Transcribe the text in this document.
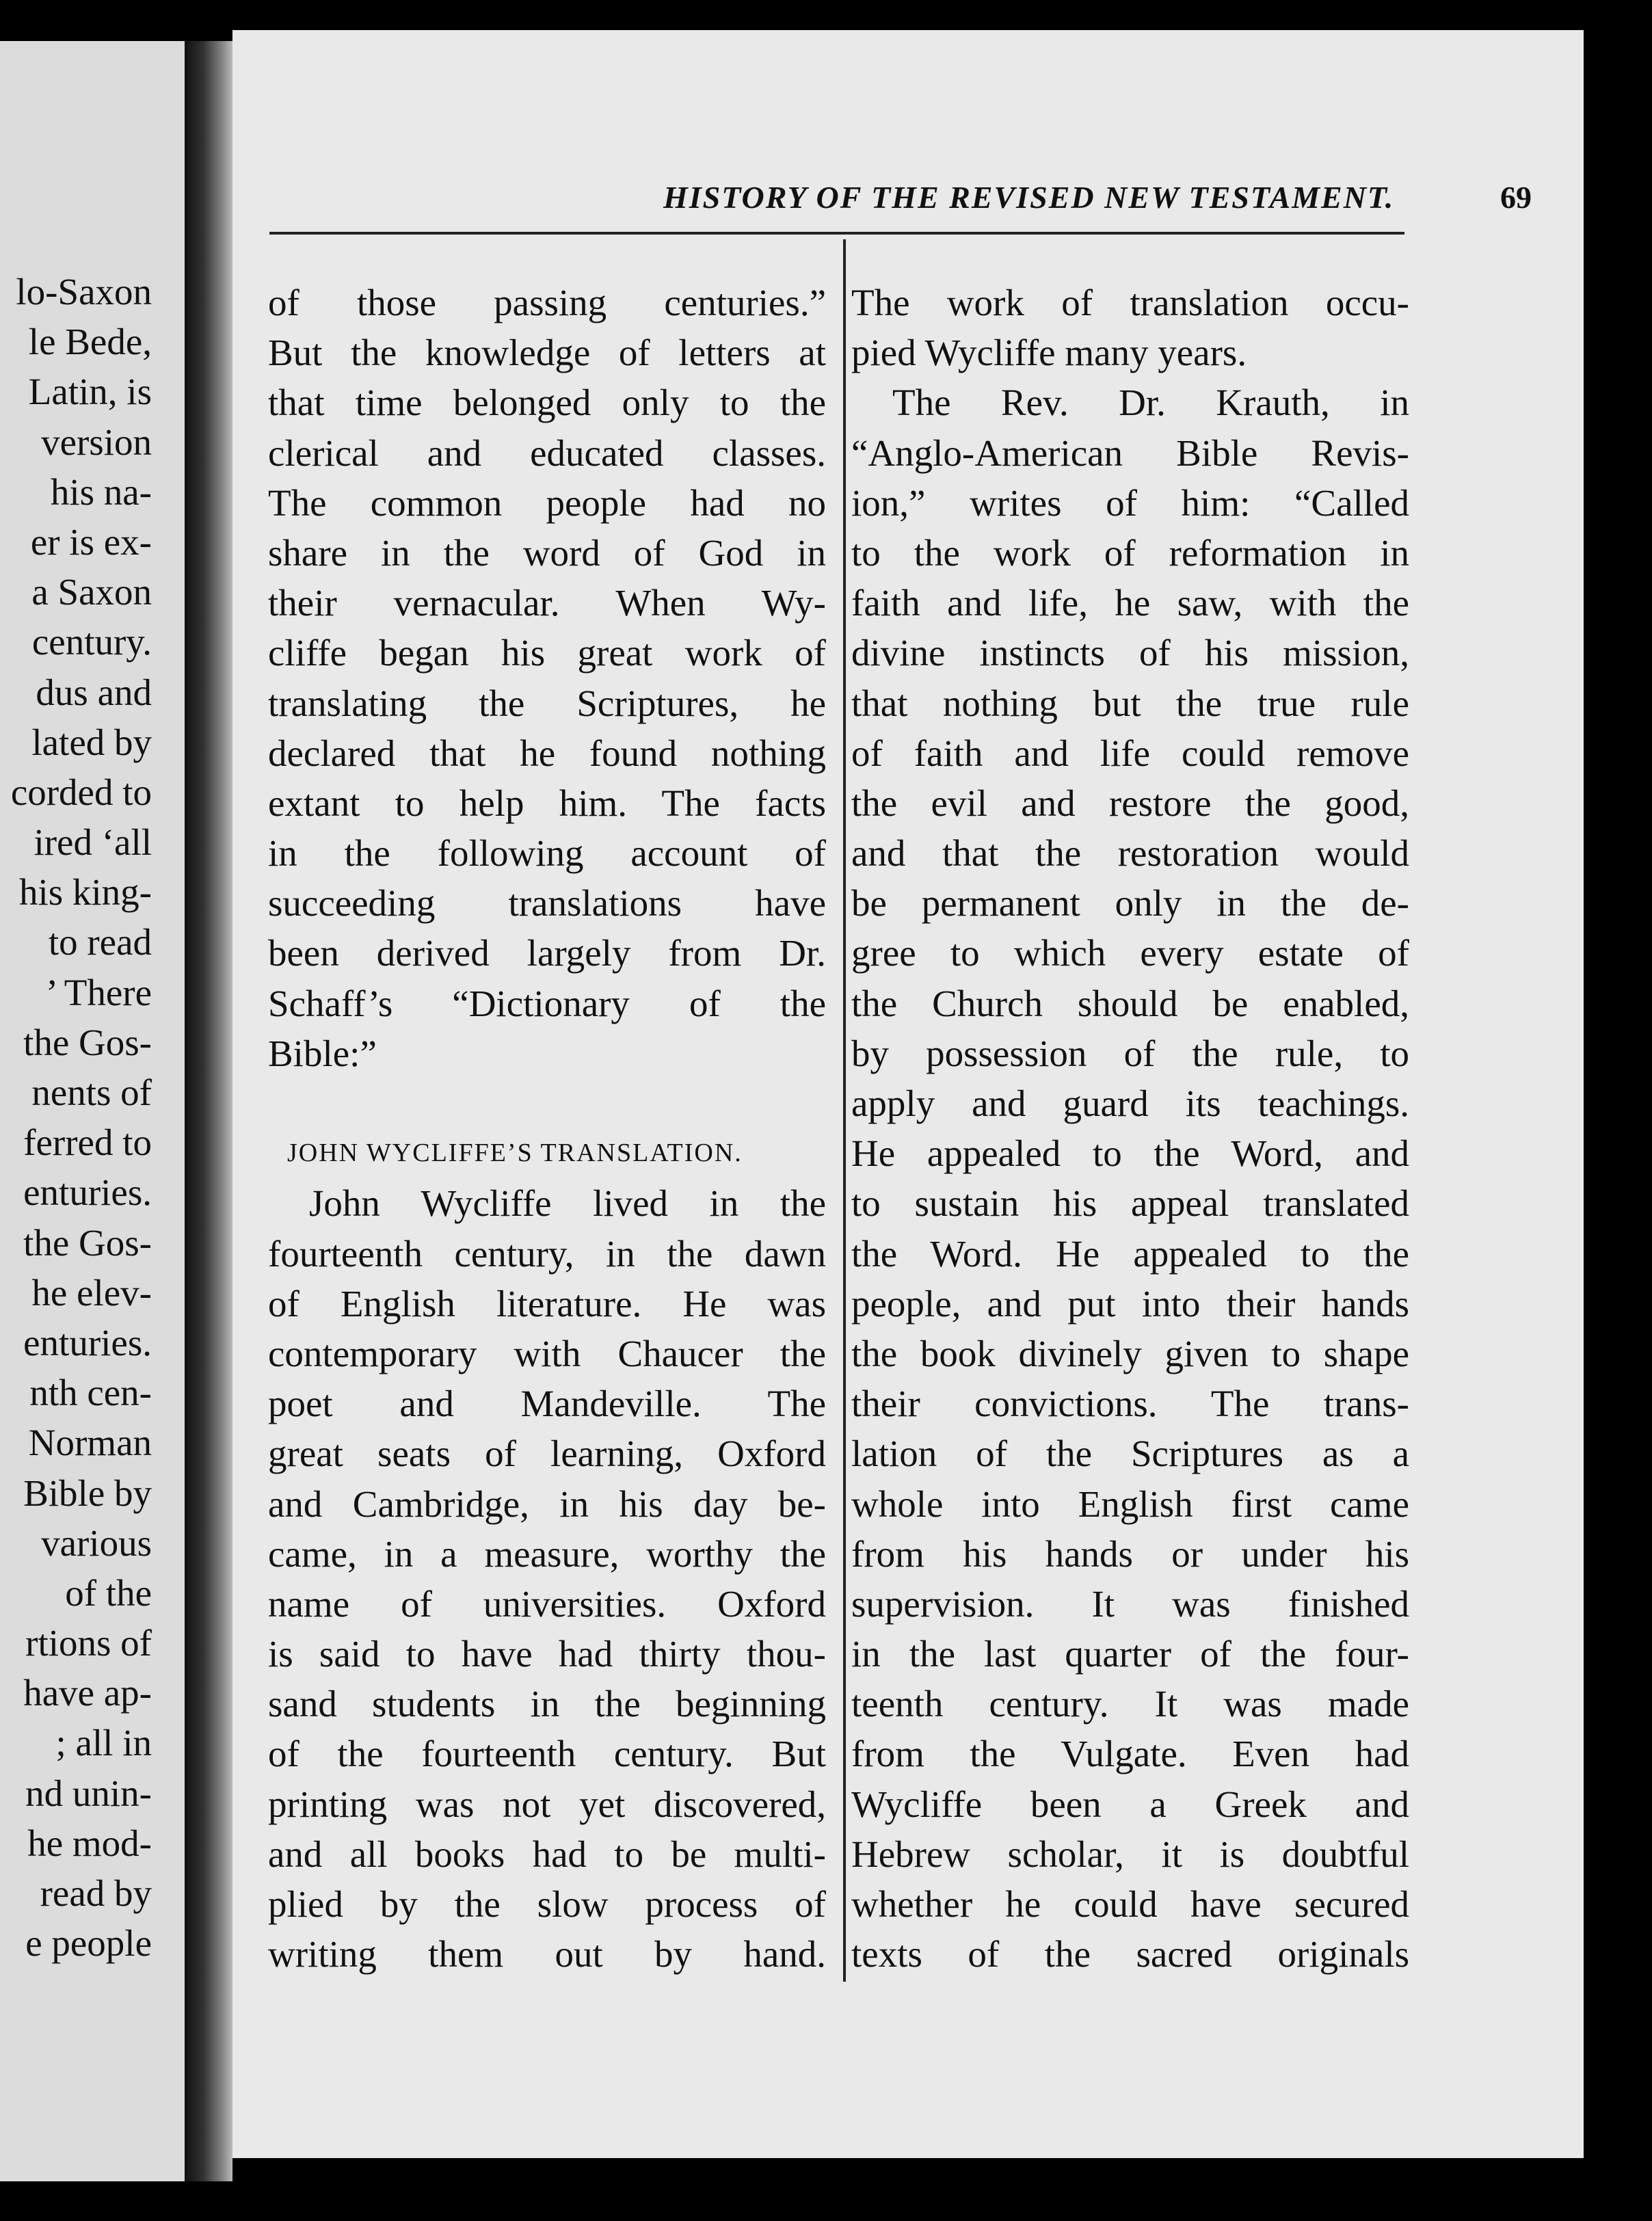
lo-Saxon
le Bede,
Latin, is
version
his na-
er is ex-
a Saxon
century.
dus and
lated by
corded to
ired ‘all
his king-
to read
’ There
the Gos-
nents of
ferred to
enturies.
the Gos-
he elev-
enturies.
nth cen-
Norman
Bible by
various
of the
rtions of
have ap-
; all in
nd unin-
he mod-
read by
e people
HISTORY OF THE REVISED NEW TESTAMENT.	69
of those passing centuries.”
But the knowledge of letters at
that time belonged only to the
clerical and educated classes.
The common people had no
share in the word of God in
their vernacular. When Wy-
cliffe began his great work of
translating the Scriptures, he
declared that he found nothing
extant to help him. The facts
in the following account of
succeeding translations have
been derived largely from Dr.
Schaff’s “Dictionary of the
Bible:”
JOHN WYCLIFFE’S TRANSLATION.
John Wycliffe lived in the
fourteenth century, in the dawn
of English literature. He was
contemporary with Chaucer the
poet and Mandeville. The
great seats of learning, Oxford
and Cambridge, in his day be-
came, in a measure, worthy the
name of universities. Oxford
is said to have had thirty thou-
sand students in the beginning
of the fourteenth century. But
printing was not yet discovered,
and all books had to be multi-
plied by the slow process of
writing them out by hand.
The work of translation occu-
pied Wycliffe many years.
The Rev. Dr. Krauth, in
“Anglo-American Bible Revis-
ion,” writes of him: “Called
to the work of reformation in
faith and life, he saw, with the
divine instincts of his mission,
that nothing but the true rule
of faith and life could remove
the evil and restore the good,
and that the restoration would
be permanent only in the de-
gree to which every estate of
the Church should be enabled,
by possession of the rule, to
apply and guard its teachings.
He appealed to the Word, and
to sustain his appeal translated
the Word. He appealed to the
people, and put into their hands
the book divinely given to shape
their convictions. The trans-
lation of the Scriptures as a
whole into English first came
from his hands or under his
supervision. It was finished
in the last quarter of the four-
teenth century. It was made
from the Vulgate. Even had
Wycliffe been a Greek and
Hebrew scholar, it is doubtful
whether he could have secured
texts of the sacred originals
